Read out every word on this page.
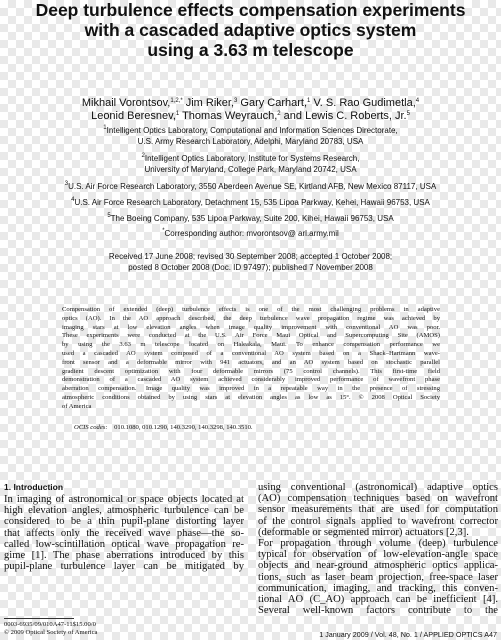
Deep turbulence effects compensation experiments
with a cascaded adaptive optics system
using a 3.63 m telescope
Mikhail Vorontsov,$^{1,2,*}$ Jim Riker,$^3$ Gary Carhart,$^1$ V. S. Rao Gudimetla,$^4$
Leonid Beresnev,$^1$ Thomas Weyrauch,$^2$ and Lewis C. Roberts, Jr.$^5$
$^1$Intelligent Optics Laboratory, Computational and Information Sciences Directorate,
U.S. Army Research Laboratory, Adelphi, Maryland 20783, USA
$^2$Intelligent Optics Laboratory, Institute for Systems Research,
University of Maryland, College Park, Maryland 20742, USA
$^3$U.S. Air Force Research Laboratory, 3550 Aberdeen Avenue SE, Kirtland AFB, New Mexico 87117, USA
$^4$U.S. Air Force Research Laboratory, Detachment 15, 535 Lipoa Parkway, Kehei, Hawaii 96753, USA
$^5$The Boeing Company, 535 Lipoa Parkway, Suite 200, Kihei, Hawaii 96753, USA
*Corresponding author: mvorontsov@ arl.army.mil
Received 17 June 2008; revised 30 September 2008; accepted 1 October 2008;
posted 8 October 2008 (Doc. ID 97497); published 7 November 2008
Compensation of extended (deep) turbulence effects is one of the most challenging problems in adaptive
optics (AO). In the AO approach described, the deep turbulence wave propagation regime was achieved by
imaging stars at low elevation angles when image quality improvement with conventional AO was poor.
These experiments were conducted at the U.S. Air Force Maui Optical and Supercomputing Site (AMOS)
by using the 3.63 m telescope located on Haleakala, Maui. To enhance compensation performance we
used a cascaded AO system composed of a conventional AO system based on a Shack–Hartmann wave-
front sensor and a deformable mirror with 941 actuators, and an AO system based on stochastic parallel
gradient descent optimization with four deformable mirrors (75 control channels). This first-time field
demonstration of a cascaded AO system achieved considerably improved performance of wavefront phase
aberration compensation. Image quality was improved in a repeatable way in the presence of stressing
atmospheric conditions obtained by using stars at elevation angles as low as 15°. © 2008 Optical Society
of America
OCIS codes: 010.1080, 010.1290, 140.3290, 140.3298, 140.3510.
1. Introduction
In imaging of astronomical or space objects located at
high elevation angles, atmospheric turbulence can be
considered to be a thin pupil-plane distorting layer
that affects only the received wave phase—the so-
called low-scintillation optical wave propagation re-
gime [1]. The phase aberrations introduced by this
pupil-plane turbulence layer can be mitigated by
using conventional (astronomical) adaptive optics
(AO) compensation techniques based on wavefront
sensor measurements that are used for computation
of the control signals applied to wavefront corrector
(deformable or segmented mirror) actuators [2,3].
For propagation through volume (deep) turbulence
typical for observation of low-elevation-angle space
objects and near-ground atmospheric optics applica-
tions, such as laser beam projection, free-space laser
communication, imaging, and tracking, this conven-
tional AO (C_AO) approach can be inefficient [4].
Several well-known factors contribute to the
0003-6935/09/010A47-11$15.00/0
© 2009 Optical Society of America	1 January 2009 / Vol. 48, No. 1 / APPLIED OPTICS A47
